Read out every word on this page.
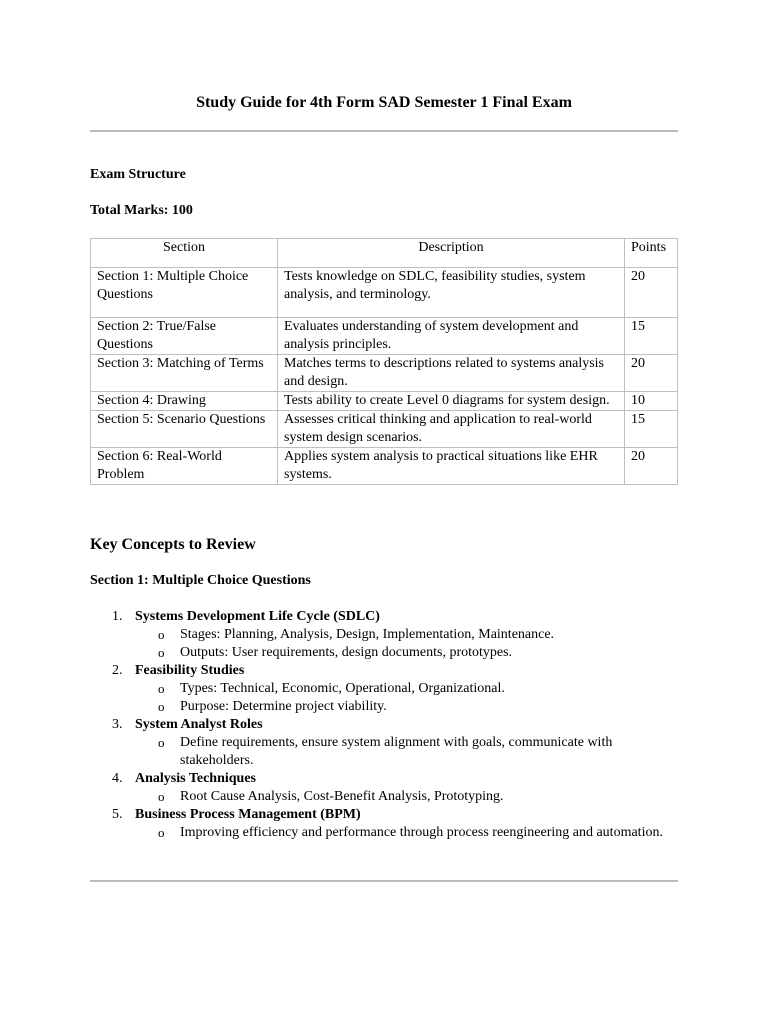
Study Guide for 4th Form SAD Semester 1 Final Exam
Exam Structure
Total Marks: 100
Section	Description	Points
Section 1: Multiple Choice Questions	Tests knowledge on SDLC, feasibility studies, system analysis, and terminology.	20
Section 2: True/False Questions	Evaluates understanding of system development and analysis principles.	15
Section 3: Matching of Terms	Matches terms to descriptions related to systems analysis and design.	20
Section 4: Drawing	Tests ability to create Level 0 diagrams for system design.	10
Section 5: Scenario Questions	Assesses critical thinking and application to real-world system design scenarios.	15
Section 6: Real-World Problem	Applies system analysis to practical situations like EHR systems.	20
Key Concepts to Review
Section 1: Multiple Choice Questions
1. Systems Development Life Cycle (SDLC)
o Stages: Planning, Analysis, Design, Implementation, Maintenance.
o Outputs: User requirements, design documents, prototypes.
2. Feasibility Studies
o Types: Technical, Economic, Operational, Organizational.
o Purpose: Determine project viability.
3. System Analyst Roles
o Define requirements, ensure system alignment with goals, communicate with stakeholders.
4. Analysis Techniques
o Root Cause Analysis, Cost-Benefit Analysis, Prototyping.
5. Business Process Management (BPM)
o Improving efficiency and performance through process reengineering and automation.
